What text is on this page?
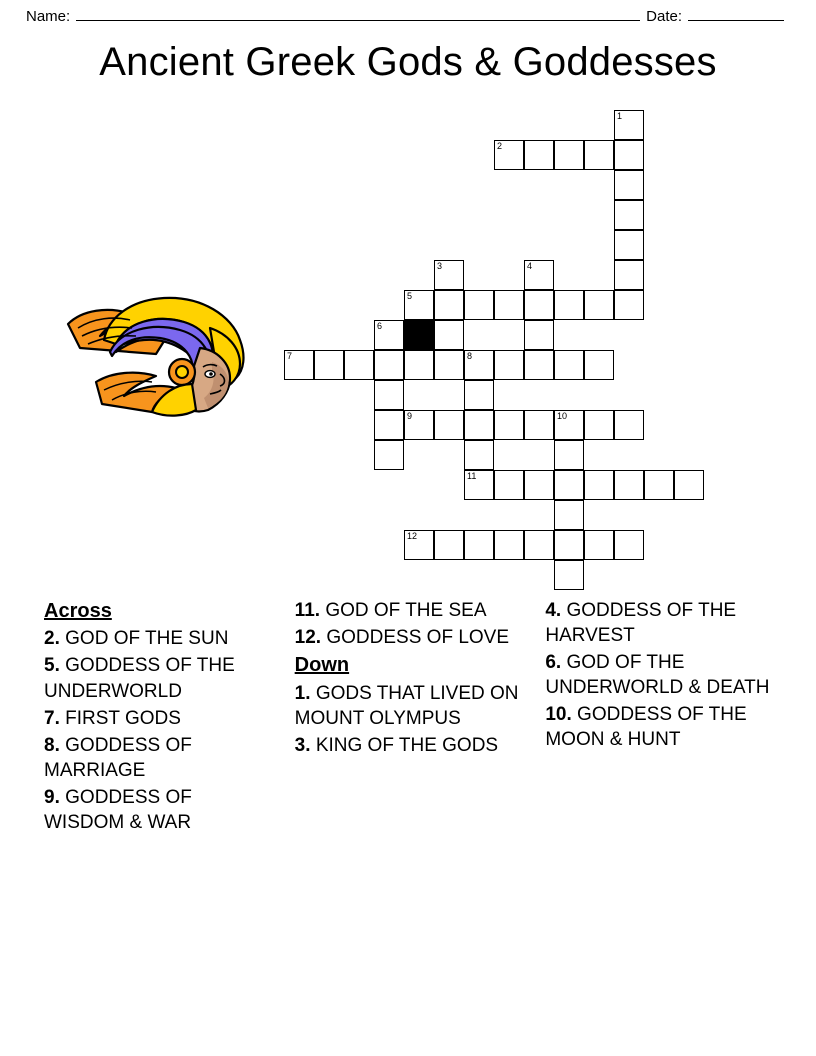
Name:	Date:
Ancient Greek Gods & Goddesses
1
2
3	4
5
6
7	8
9	10
11
12
Across
2. GOD OF THE SUN
5. GODDESS OF THE UNDERWORLD
7. FIRST GODS
8. GODDESS OF MARRIAGE
9. GODDESS OF WISDOM & WAR
11. GOD OF THE SEA
12. GODDESS OF LOVE
Down
1. GODS THAT LIVED ON MOUNT OLYMPUS
3. KING OF THE GODS
4. GODDESS OF THE HARVEST
6. GOD OF THE UNDERWORLD & DEATH
10. GODDESS OF THE MOON & HUNT
